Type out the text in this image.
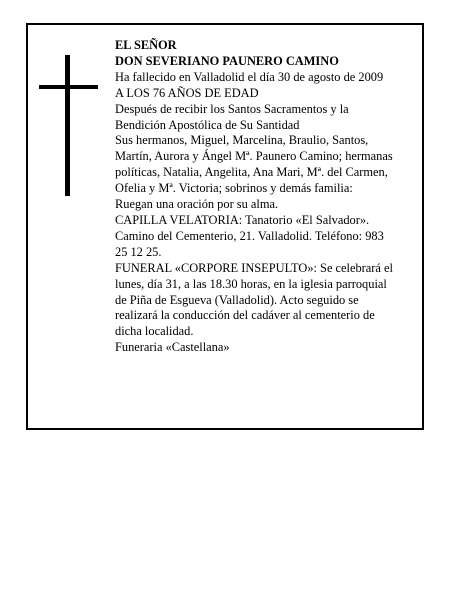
EL SEÑOR
DON SEVERIANO PAUNERO CAMINO
Ha fallecido en Valladolid el día 30 de agosto de 2009
A LOS 76 AÑOS DE EDAD
Después de recibir los Santos Sacramentos y la
Bendición Apostólica de Su Santidad
Sus hermanos, Miguel, Marcelina, Braulio, Santos,
Martín, Aurora y Ángel Mª. Paunero Camino; hermanas
políticas, Natalia, Angelita, Ana Mari, Mª. del Carmen,
Ofelia y Mª. Victoria; sobrinos y demás familia:
Ruegan una oración por su alma.
CAPILLA VELATORIA: Tanatorio «El Salvador».
Camino del Cementerio, 21. Valladolid. Teléfono: 983
25 12 25.
FUNERAL «CORPORE INSEPULTO»: Se celebrará el
lunes, día 31, a las 18.30 horas, en la iglesia parroquial
de Piña de Esgueva (Valladolid). Acto seguido se
realizará la conducción del cadáver al cementerio de
dicha localidad.
Funeraria «Castellana»
